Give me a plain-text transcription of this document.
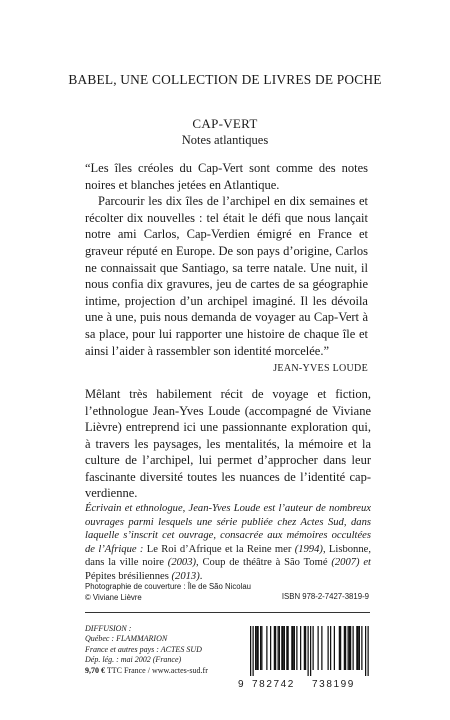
BABEL, UNE COLLECTION DE LIVRES DE POCHE
CAP-VERT
Notes atlantiques

“Les îles créoles du Cap-Vert sont comme des notes noires et blanches jetées en Atlantique.

Parcourir les dix îles de l’archipel en dix semaines et récolter dix nouvelles : tel était le défi que nous lançait notre ami Carlos, Cap-Verdien émigré en France et graveur réputé en Europe. De son pays d’origine, Carlos ne connaissait que Santiago, sa terre natale. Une nuit, il nous confia dix gravures, jeu de cartes de sa géographie intime, projection d’un archipel imaginé. Il les dévoila une à une, puis nous demanda de voyager au Cap-Vert à sa place, pour lui rapporter une histoire de chaque île et ainsi l’aider à rassembler son identité morcelée.”

JEAN-YVES LOUDE

Mêlant très habilement récit de voyage et fiction, l’ethnologue Jean-Yves Loude (accompagné de Viviane Lièvre) entreprend ici une passionnante exploration qui, à travers les paysages, les mentalités, la mémoire et la culture de l’archipel, lui permet d’approcher dans leur fascinante diversité toutes les nuances de l’identité cap-verdienne.

Écrivain et ethnologue, Jean-Yves Loude est l’auteur de nombreux ouvrages parmi lesquels une série publiée chez Actes Sud, dans laquelle s’inscrit cet ouvrage, consacrée aux mémoires occultées de l’Afrique : Le Roi d’Afrique et la Reine mer (1994), Lisbonne, dans la ville noire (2003), Coup de théâtre à São Tomé (2007) et Pépites brésiliennes (2013).

Photographie de couverture : Île de São Nicolau
© Viviane Lièvre	ISBN 978-2-7427-3819-9
DIFFUSION :
Québec : FLAMMARION
France et autres pays : ACTES SUD
Dép. lég. : mai 2002 (France)
9,70 € TTC France / www.actes-sud.fr
9 782742 738199
